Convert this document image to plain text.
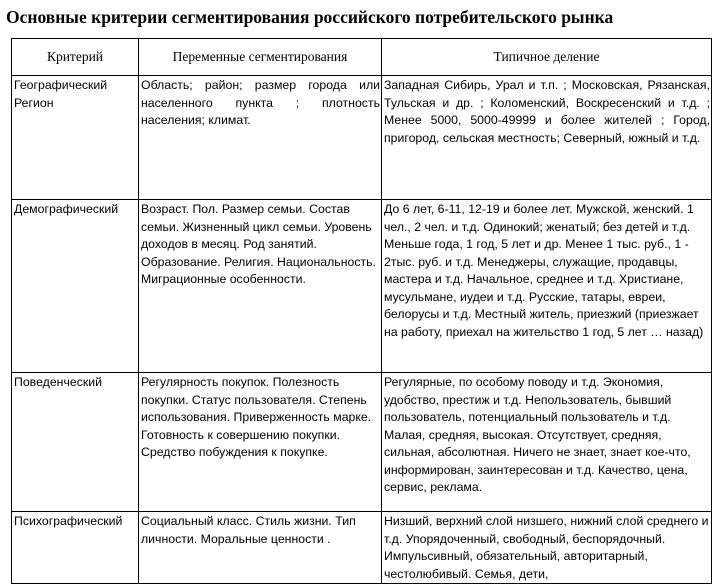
Основные критерии сегментирования российского потребительского рынка
Критерий	Переменные сегментирования	Типичное деление
Географический Регион	Область; район; размер города или населенного пункта ; плотность населения; климат.	Западная Сибирь, Урал и т.п. ; Московская, Рязанская, Тульская и др. ; Коломенский, Воскресенский и т.д. ; Менее 5000, 5000-49999 и более жителей ; Город, пригород, сельская местность; Северный, южный и т.д.
Демографический	Возраст. Пол. Размер семьи. Состав семьи. Жизненный цикл семьи. Уровень доходов в месяц. Род занятий. Образование. Религия. Национальность. Миграционные особенности.	До 6 лет, 6-11, 12-19 и более лет. Мужской, женский. 1 чел., 2 чел. и т.д. Одинокий; женатый; без детей и т.д. Меньше года, 1 год, 5 лет и др. Менее 1 тыс. руб., 1 - 2тыс. руб. и т.д. Менеджеры, служащие, продавцы, мастера и т.д. Начальное, среднее и т.д. Христиане, мусульмане, иудеи и т.д. Русские, татары, евреи, белорусы и т.д. Местный житель, приезжий (приезжает на работу, приехал на жительство 1 год, 5 лет … назад)
Поведенческий	Регулярность покупок. Полезность покупки. Статус пользователя. Степень использования. Приверженность марке. Готовность к совершению покупки. Средство побуждения к покупке.	Регулярные, по особому поводу и т.д. Экономия, удобство, престиж и т.д. Непользователь, бывший пользователь, потенциальный пользователь и т.д. Малая, средняя, высокая. Отсутствует, средняя, сильная, абсолютная. Ничего не знает, знает кое-что, информирован, заинтересован и т.д. Качество, цена, сервис, реклама.
Психографический	Социальный класс. Стиль жизни. Тип личности. Моральные ценности .	Низший, верхний слой низшего, нижний слой среднего и т.д. Упорядоченный, свободный, беспорядочный. Импульсивный, обязательный, авторитарный, честолюбивый. Семья, дети,
